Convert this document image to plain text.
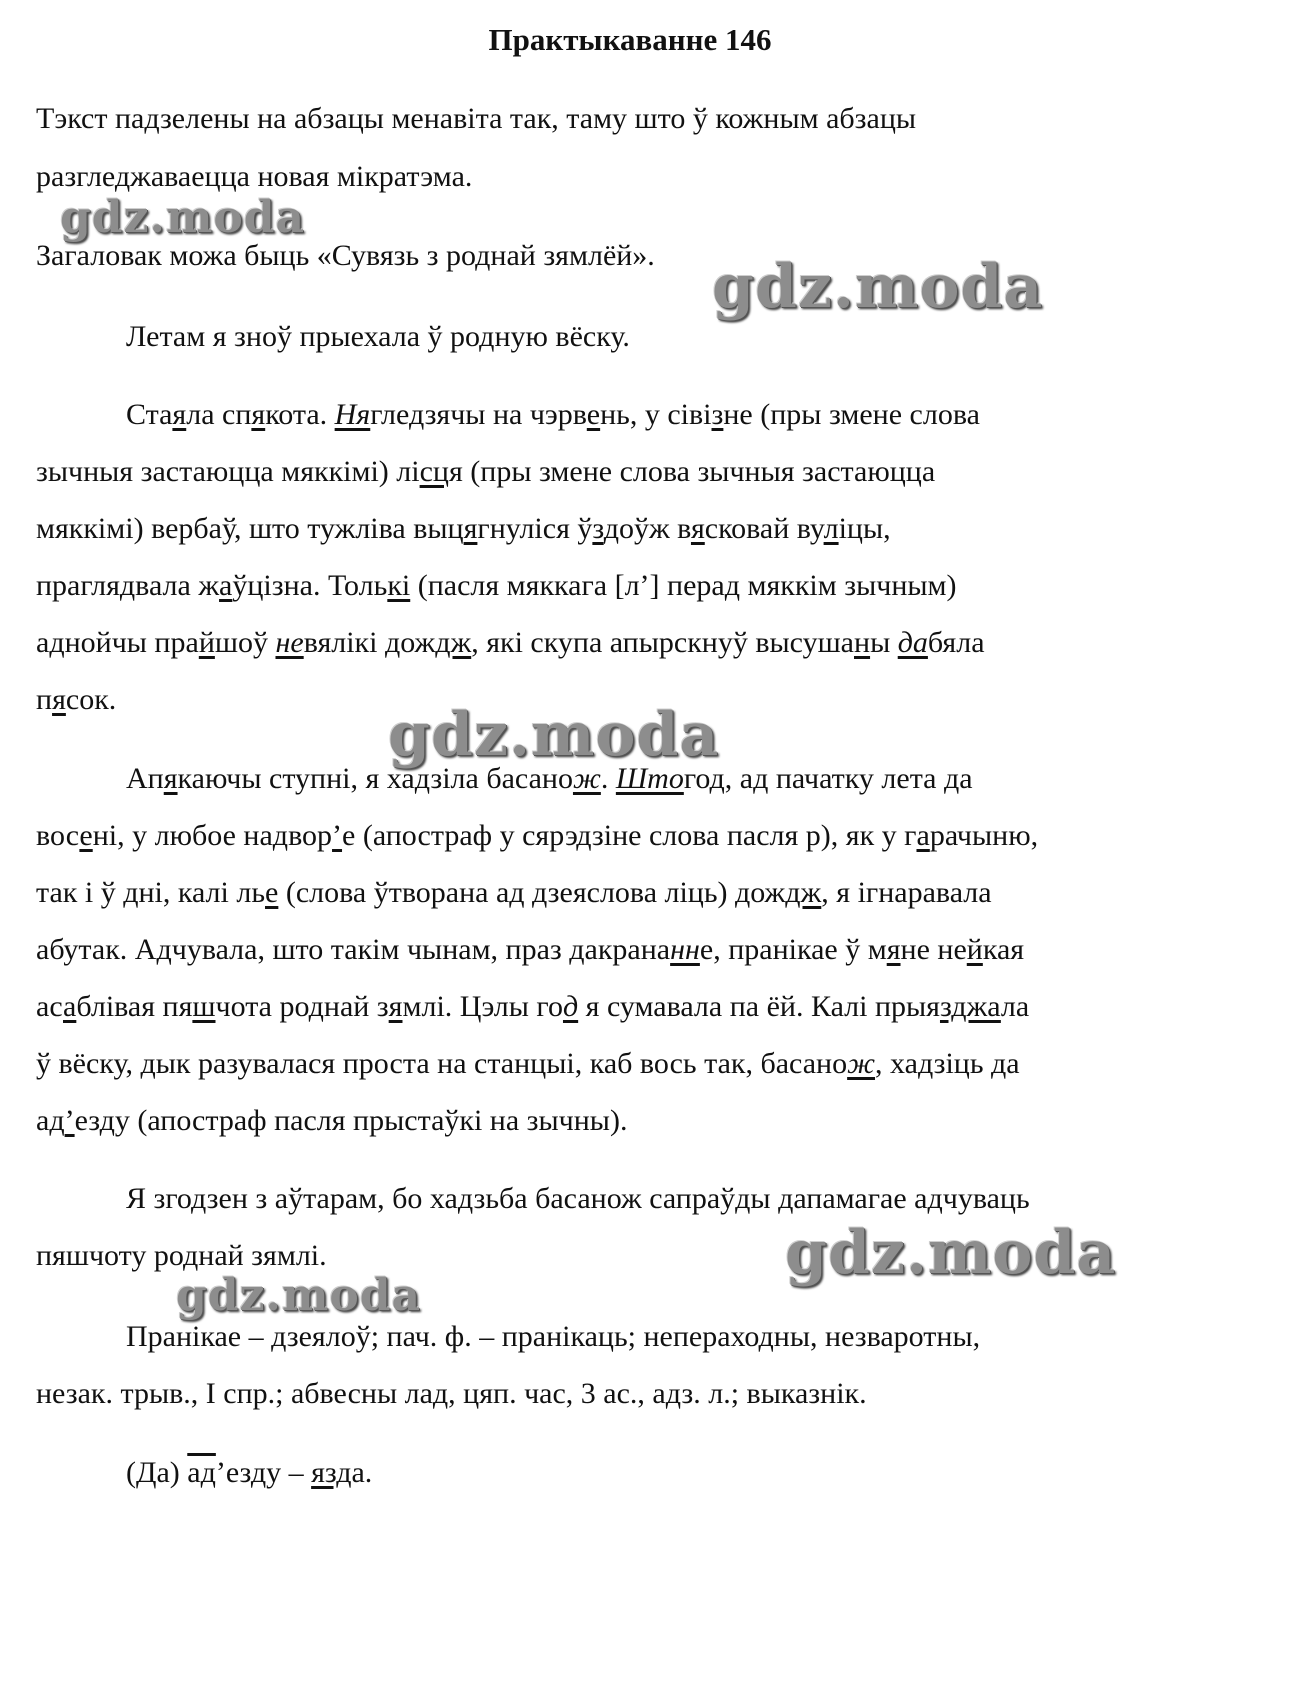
Практыкаванне 146
Тэкст падзелены на абзацы менавіта так, таму што ў кожным абзацы
разгледжаваецца новая мікратэма.
Загаловак можа быць «Сувязь з роднай зямлёй».
Летам я зноў прыехала ў родную вёску.
Стаяла спякота. Нягледзячы на чэрвень, у сівізне (пры змене слова
зычныя застаюцца мяккімі) лісця (пры змене слова зычныя застаюцца
мяккімі) вербаў, што тужліва выцягнуліся ўздоўж вясковай вуліцы,
праглядвала жаўцізна. Толькі (пасля мяккага [л’] перад мяккім зычным)
аднойчы прайшоў невялікі дождж, які скупа апырскнуў высушаны дабяла
пясок.
Апякаючы ступні, я хадзіла басанож. Штогод, ад пачатку лета да
восені, у любое надвор’е (апостраф у сярэдзіне слова пасля р), як у гарачыню,
так і ў дні, калі лье (слова ўтворана ад дзеяслова ліць) дождж, я ігнаравала
абутак. Адчувала, што такім чынам, праз дакрананне, пранікае ў мяне нейкая
асаблівая пяшчота роднай зямлі. Цэлы год я сумавала па ёй. Калі прыязджала
ў вёску, дык разувалася проста на станцыі, каб вось так, басанож, хадзіць да
ад’езду (апостраф пасля прыстаўкі на зычны).
Я згодзен з аўтарам, бо хадзьба басанож сапраўды дапамагае адчуваць
пяшчоту роднай зямлі.
Пранікае – дзеялоў; пач. ф. – пранікаць; непераходны, незваротны,
незак. трыв., І спр.; абвесны лад, цяп. час, 3 ас., адз. л.; выказнік.
(Да) ад’езду – язда.
gdz.moda
gdz.moda
gdz.moda
gdz.moda
gdz.moda
